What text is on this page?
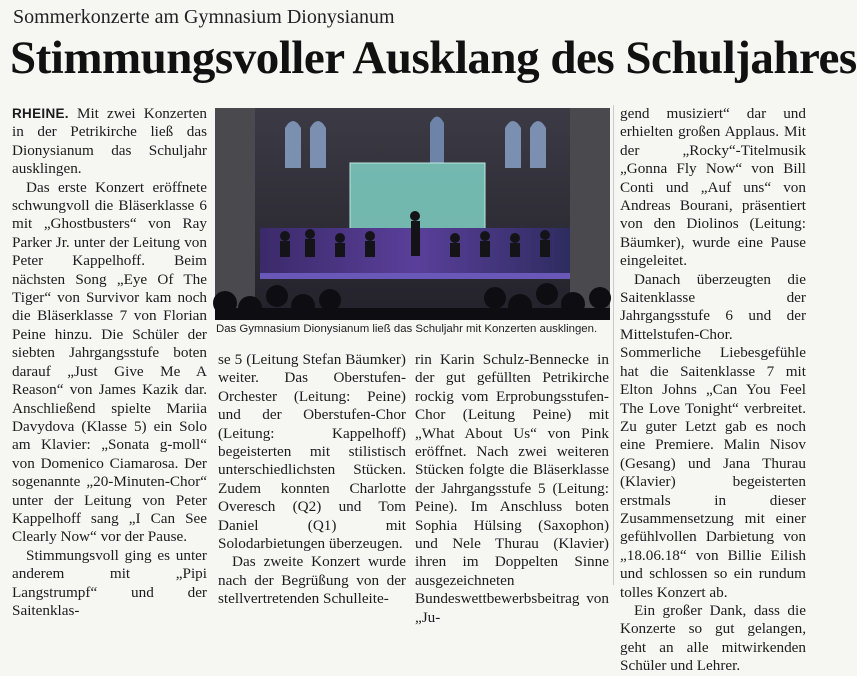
Sommerkonzerte am Gymnasium Dionysianum
Stimmungsvoller Ausklang des Schuljahres

RHEINE. Mit zwei Konzerten in der Petrikirche ließ das Dionysianum das Schuljahr ausklingen.

Das erste Konzert eröffnete schwungvoll die Bläserklasse 6 mit „Ghostbusters“ von Ray Parker Jr. unter der Leitung von Peter Kappelhoff. Beim nächsten Song „Eye Of The Tiger“ von Survivor kam noch die Bläserklasse 7 von Florian Peine hinzu. Die Schüler der siebten Jahrgangsstufe boten darauf „Just Give Me A Reason“ von James Kazik dar. Anschließend spielte Mariia Davydova (Klasse 5) ein Solo am Klavier: „Sonata g-moll“ von Domenico Ciamarosa. Der sogenannte „20-Minuten-Chor“ unter der Leitung von Peter Kappelhoff sang „I Can See Clearly Now“ vor der Pause.

Stimmungsvoll ging es unter anderem mit „Pipi Langstrumpf“ und der Saitenklas-

Das Gymnasium Dionysianum ließ das Schuljahr mit Konzerten ausklingen.

se 5 (Leitung Stefan Bäumker) weiter. Das Oberstufen-Orchester (Leitung: Peine) und der Oberstufen-Chor (Leitung: Kappelhoff) begeisterten mit stilistisch unterschiedlichsten Stücken. Zudem konnten Charlotte Overesch (Q2) und Tom Daniel (Q1) mit Solodarbietungen überzeugen.

Das zweite Konzert wurde nach der Begrüßung von der stellvertretenden Schulleite-

rin Karin Schulz-Bennecke in der gut gefüllten Petrikirche rockig vom Erprobungsstufen-Chor (Leitung Peine) mit „What About Us“ von Pink eröffnet. Nach zwei weiteren Stücken folgte die Bläserklasse der Jahrgangsstufe 5 (Leitung: Peine). Im Anschluss boten Sophia Hülsing (Saxophon) und Nele Thurau (Klavier) ihren im Doppelten Sinne ausgezeichneten Bundeswettbewerbsbeitrag von „Ju-

gend musiziert“ dar und erhielten großen Applaus. Mit der „Rocky“-Titelmusik „Gonna Fly Now“ von Bill Conti und „Auf uns“ von Andreas Bourani, präsentiert von den Diolinos (Leitung: Bäumker), wurde eine Pause eingeleitet.

Danach überzeugten die Saitenklasse der Jahrgangsstufe 6 und der Mittelstufen-Chor. Sommerliche Liebesgefühle hat die Saitenklasse 7 mit Elton Johns „Can You Feel The Love Tonight“ verbreitet. Zu guter Letzt gab es noch eine Premiere. Malin Nisov (Gesang) und Jana Thurau (Klavier) begeisterten erstmals in dieser Zusammensetzung mit einer gefühlvollen Darbietung von „18.06.18“ von Billie Eilish und schlossen so ein rundum tolles Konzert ab.

Ein großer Dank, dass die Konzerte so gut gelangen, geht an alle mitwirkenden Schüler und Lehrer.
